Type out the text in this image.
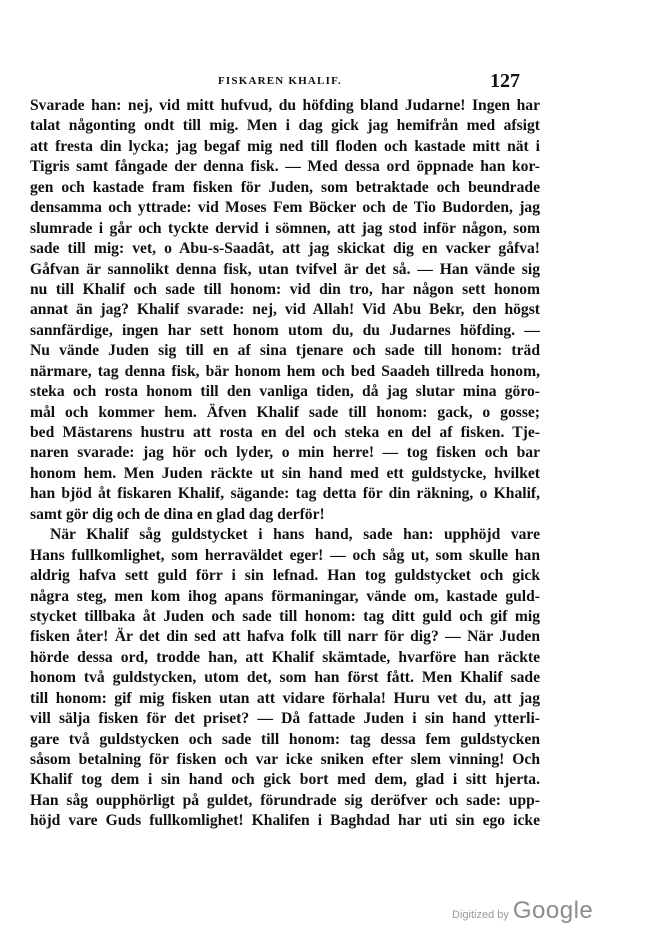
FISKAREN KHALIF.	127
Svarade han: nej, vid mitt hufvud, du höfding bland Judarne! Ingen har
talat någonting ondt till mig. Men i dag gick jag hemifrån med afsigt
att fresta din lycka; jag begaf mig ned till floden och kastade mitt nät i
Tigris samt fångade der denna fisk. — Med dessa ord öppnade han kor-
gen och kastade fram fisken för Juden, som betraktade och beundrade
densamma och yttrade: vid Moses Fem Böcker och de Tio Budorden, jag
slumrade i går och tyckte dervid i sömnen, att jag stod inför någon, som
sade till mig: vet, o Abu-s-Saadât, att jag skickat dig en vacker gåfva!
Gåfvan är sannolikt denna fisk, utan tvifvel är det så. — Han vände sig
nu till Khalif och sade till honom: vid din tro, har någon sett honom
annat än jag? Khalif svarade: nej, vid Allah! Vid Abu Bekr, den högst
sannfärdige, ingen har sett honom utom du, du Judarnes höfding. —
Nu vände Juden sig till en af sina tjenare och sade till honom: träd
närmare, tag denna fisk, bär honom hem och bed Saadeh tillreda honom,
steka och rosta honom till den vanliga tiden, då jag slutar mina göro-
mål och kommer hem. Äfven Khalif sade till honom: gack, o gosse;
bed Mästarens hustru att rosta en del och steka en del af fisken. Tje-
naren svarade: jag hör och lyder, o min herre! — tog fisken och bar
honom hem. Men Juden räckte ut sin hand med ett guldstycke, hvilket
han bjöd åt fiskaren Khalif, sägande: tag detta för din räkning, o Khalif,
samt gör dig och de dina en glad dag derför!
När Khalif såg guldstycket i hans hand, sade han: upphöjd vare
Hans fullkomlighet, som herraväldet eger! — och såg ut, som skulle han
aldrig hafva sett guld förr i sin lefnad. Han tog guldstycket och gick
några steg, men kom ihog apans förmaningar, vände om, kastade guld-
stycket tillbaka åt Juden och sade till honom: tag ditt guld och gif mig
fisken åter! Är det din sed att hafva folk till narr för dig? — När Juden
hörde dessa ord, trodde han, att Khalif skämtade, hvarföre han räckte
honom två guldstycken, utom det, som han först fått. Men Khalif sade
till honom: gif mig fisken utan att vidare förhala! Huru vet du, att jag
vill sälja fisken för det priset? — Då fattade Juden i sin hand ytterli-
gare två guldstycken och sade till honom: tag dessa fem guldstycken
såsom betalning för fisken och var icke sniken efter slem vinning! Och
Khalif tog dem i sin hand och gick bort med dem, glad i sitt hjerta.
Han såg oupphörligt på guldet, förundrade sig deröfver och sade: upp-
höjd vare Guds fullkomlighet! Khalifen i Baghdad har uti sin ego icke
Digitized by Google
